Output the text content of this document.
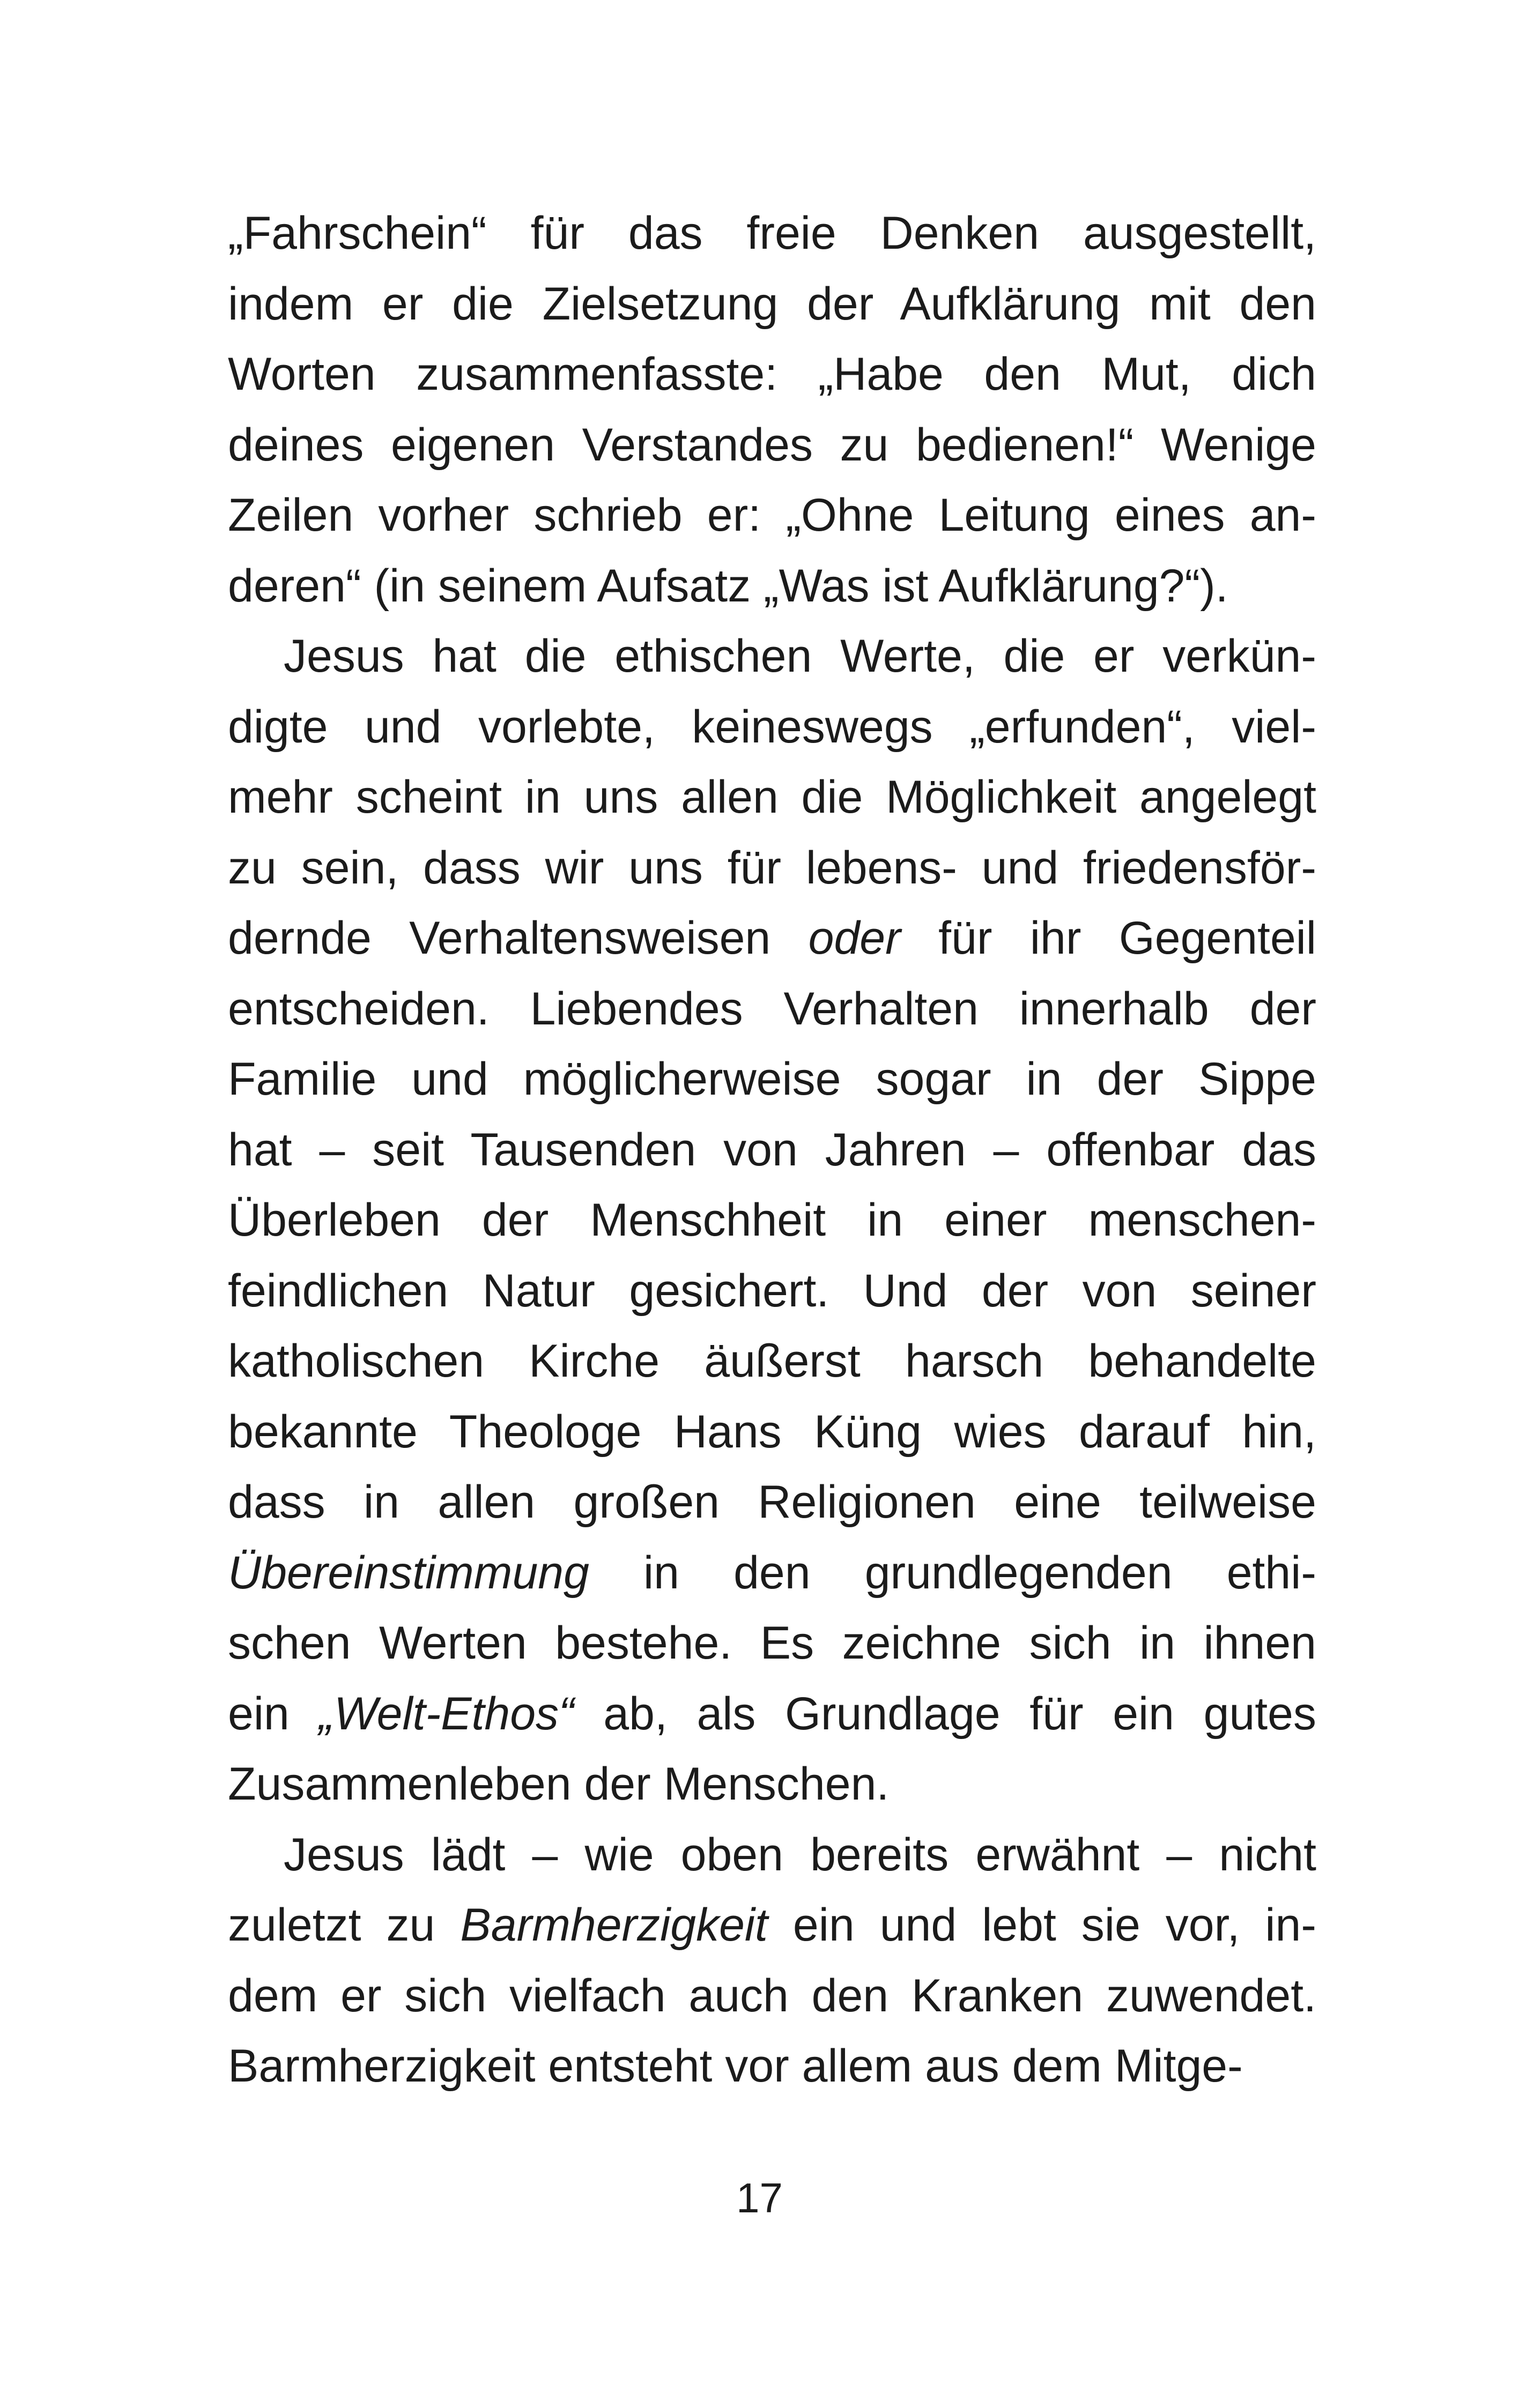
„Fahrschein“ für das freie Denken ausgestellt,
indem er die Zielsetzung der Aufklärung mit den
Worten zusammenfasste: „Habe den Mut, dich
deines eigenen Verstandes zu bedienen!“ Wenige
Zeilen vorher schrieb er: „Ohne Leitung eines an-
deren“ (in seinem Aufsatz „Was ist Aufklärung?“).
Jesus hat die ethischen Werte, die er verkün-
digte und vorlebte, keineswegs „erfunden“, viel-
mehr scheint in uns allen die Möglichkeit angelegt
zu sein, dass wir uns für lebens- und friedensför-
dernde Verhaltensweisen oder für ihr Gegenteil
entscheiden. Liebendes Verhalten innerhalb der
Familie und möglicherweise sogar in der Sippe
hat – seit Tausenden von Jahren – offenbar das
Überleben der Menschheit in einer menschen-
feindlichen Natur gesichert. Und der von seiner
katholischen Kirche äußerst harsch behandelte
bekannte Theologe Hans Küng wies darauf hin,
dass in allen großen Religionen eine teilweise
Übereinstimmung in den grundlegenden ethi-
schen Werten bestehe. Es zeichne sich in ihnen
ein „Welt-Ethos“ ab, als Grundlage für ein gutes
Zusammenleben der Menschen.
Jesus lädt – wie oben bereits erwähnt – nicht
zuletzt zu Barmherzigkeit ein und lebt sie vor, in-
dem er sich vielfach auch den Kranken zuwendet.
Barmherzigkeit entsteht vor allem aus dem Mitge-
17
